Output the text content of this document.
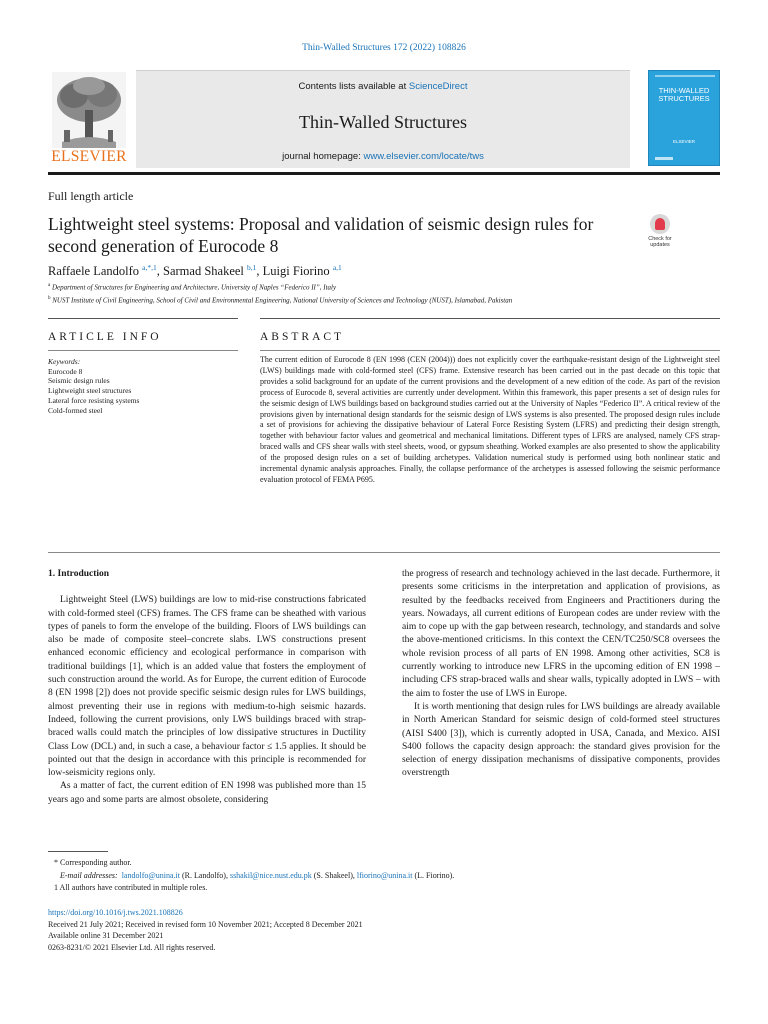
Thin-Walled Structures 172 (2022) 108826
ELSEVIER
Contents lists available at ScienceDirect
Thin-Walled Structures
journal homepage: www.elsevier.com/locate/tws
THIN-WALLED STRUCTURES
ELSEVIER
Full length article
Lightweight steel systems: Proposal and validation of seismic design rules for second generation of Eurocode 8	Check for
updates
Raffaele Landolfo $^{a,*,1}$, Sarmad Shakeel $^{b,1}$, Luigi Fiorino $^{a,1}$
$^a$ Department of Structures for Engineering and Architecture, University of Naples “Federico II”, Italy
$^b$ NUST Institute of Civil Engineering, School of Civil and Environmental Engineering, National University of Sciences and Technology (NUST), Islamabad, Pakistan
ARTICLE INFO	ABSTRACT
Keywords:
Eurocode 8
Seismic design rules
Lightweight steel structures
Lateral force resisting systems
Cold-formed steel
The current edition of Eurocode 8 (EN 1998 (CEN (2004))) does not explicitly cover the earthquake-resistant design of the Lightweight steel (LWS) buildings made with cold-formed steel (CFS) frame. Extensive research has been carried out in the past decade on this topic that provides a solid background for an update of the current provisions and the development of a new edition of the code. As part of the revision process of Eurocode 8, several activities are currently under development. Within this framework, this paper presents a set of design rules for the seismic design of LWS buildings based on background studies carried out at the University of Naples “Federico II”. A critical review of the provisions given by international design standards for the seismic design of LWS systems is also presented. The proposed design rules include a set of provisions for achieving the dissipative behaviour of Lateral Force Resisting System (LFRS) and predicting their design strength, together with behaviour factor values and geometrical and mechanical limitations. Different types of LFRS are analysed, namely CFS strap-braced walls and CFS shear walls with steel sheets, wood, or gypsum sheathing. Worked examples are also presented to show the applicability of the proposed design rules on a set of building archetypes. Validation numerical study is performed using both nonlinear static and incremental dynamic analysis approaches. Finally, the collapse performance of the archetypes is assessed following the seismic performance evaluation protocol of FEMA P695.
1. Introduction

Lightweight Steel (LWS) buildings are low to mid-rise constructions fabricated with cold-formed steel (CFS) frames. The CFS frame can be sheathed with various types of panels to form the envelope of the building. Floors of LWS buildings can also be made of composite steel–concrete slabs. LWS constructions present enhanced economic efficiency and ecological performance in comparison with traditional buildings [1], which is an added value that fosters the employment of such construction around the world. As for Europe, the current edition of Eurocode 8 (EN 1998 [2]) does not provide specific seismic design rules for LWS buildings, almost preventing their use in regions with medium-to-high seismic hazards. Indeed, following the current provisions, only LWS buildings braced with strap-braced walls could match the principles of low dissipative structures in Ductility Class Low (DCL) and, in such a case, a behaviour factor ≤ 1.5 applies. It should be pointed out that the design in accordance with this principle is recommended for low-seismicity regions only.

As a matter of fact, the current edition of EN 1998 was published more than 15 years ago and some parts are almost obsolete, considering

the progress of research and technology achieved in the last decade. Furthermore, it presents some criticisms in the interpretation and application of provisions, as resulted by the feedbacks received from Engineers and Practitioners during the years. Nowadays, all current editions of European codes are under review with the aim to cope up with the gap between research, technology, and standards and solve the above-mentioned criticisms. In this context the CEN/TC250/SC8 oversees the whole revision process of all parts of EN 1998. Among other activities, SC8 is currently working to introduce new LFRS in the upcoming edition of EN 1998 – including CFS strap-braced walls and shear walls, typically adopted in LWS – with the aim to foster the use of LWS in Europe.

It is worth mentioning that design rules for LWS buildings are already available in North American Standard for seismic design of cold-formed steel structures (AISI S400 [3]), which is currently adopted in USA, Canada, and Mexico. AISI S400 follows the capacity design approach: the standard gives provision for the selection of energy dissipation mechanisms of dissipative components, provides overstrength

* Corresponding author.
E-mail addresses: landolfo@unina.it (R. Landolfo), sshakil@nice.nust.edu.pk (S. Shakeel), lfiorino@unina.it (L. Fiorino).
1 All authors have contributed in multiple roles.
https://doi.org/10.1016/j.tws.2021.108826
Received 21 July 2021; Received in revised form 10 November 2021; Accepted 8 December 2021
Available online 31 December 2021
0263-8231/© 2021 Elsevier Ltd. All rights reserved.
